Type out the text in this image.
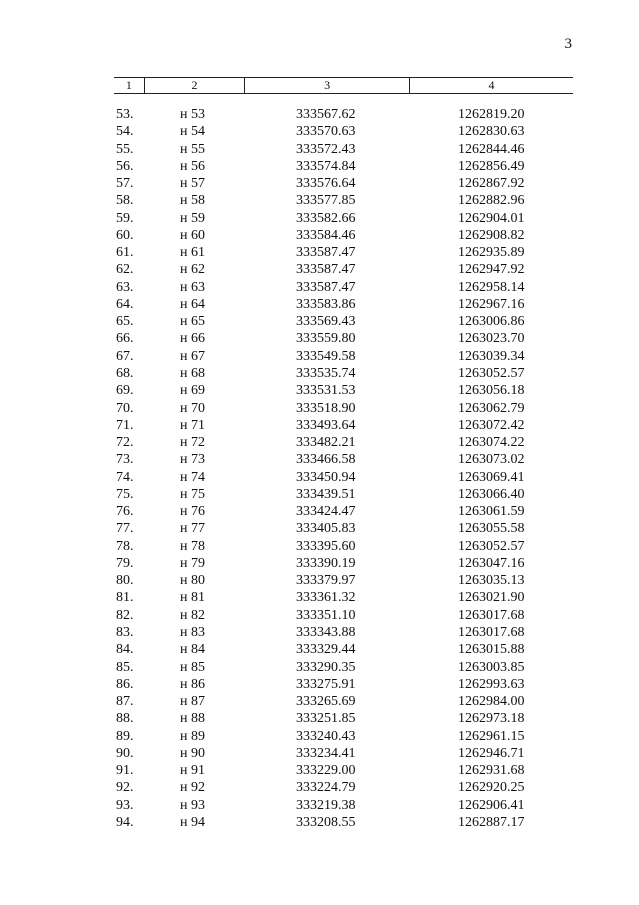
3
1	2	3	4
53.	н 53	333567.62	1262819.20
54.	н 54	333570.63	1262830.63
55.	н 55	333572.43	1262844.46
56.	н 56	333574.84	1262856.49
57.	н 57	333576.64	1262867.92
58.	н 58	333577.85	1262882.96
59.	н 59	333582.66	1262904.01
60.	н 60	333584.46	1262908.82
61.	н 61	333587.47	1262935.89
62.	н 62	333587.47	1262947.92
63.	н 63	333587.47	1262958.14
64.	н 64	333583.86	1262967.16
65.	н 65	333569.43	1263006.86
66.	н 66	333559.80	1263023.70
67.	н 67	333549.58	1263039.34
68.	н 68	333535.74	1263052.57
69.	н 69	333531.53	1263056.18
70.	н 70	333518.90	1263062.79
71.	н 71	333493.64	1263072.42
72.	н 72	333482.21	1263074.22
73.	н 73	333466.58	1263073.02
74.	н 74	333450.94	1263069.41
75.	н 75	333439.51	1263066.40
76.	н 76	333424.47	1263061.59
77.	н 77	333405.83	1263055.58
78.	н 78	333395.60	1263052.57
79.	н 79	333390.19	1263047.16
80.	н 80	333379.97	1263035.13
81.	н 81	333361.32	1263021.90
82.	н 82	333351.10	1263017.68
83.	н 83	333343.88	1263017.68
84.	н 84	333329.44	1263015.88
85.	н 85	333290.35	1263003.85
86.	н 86	333275.91	1262993.63
87.	н 87	333265.69	1262984.00
88.	н 88	333251.85	1262973.18
89.	н 89	333240.43	1262961.15
90.	н 90	333234.41	1262946.71
91.	н 91	333229.00	1262931.68
92.	н 92	333224.79	1262920.25
93.	н 93	333219.38	1262906.41
94.	н 94	333208.55	1262887.17
